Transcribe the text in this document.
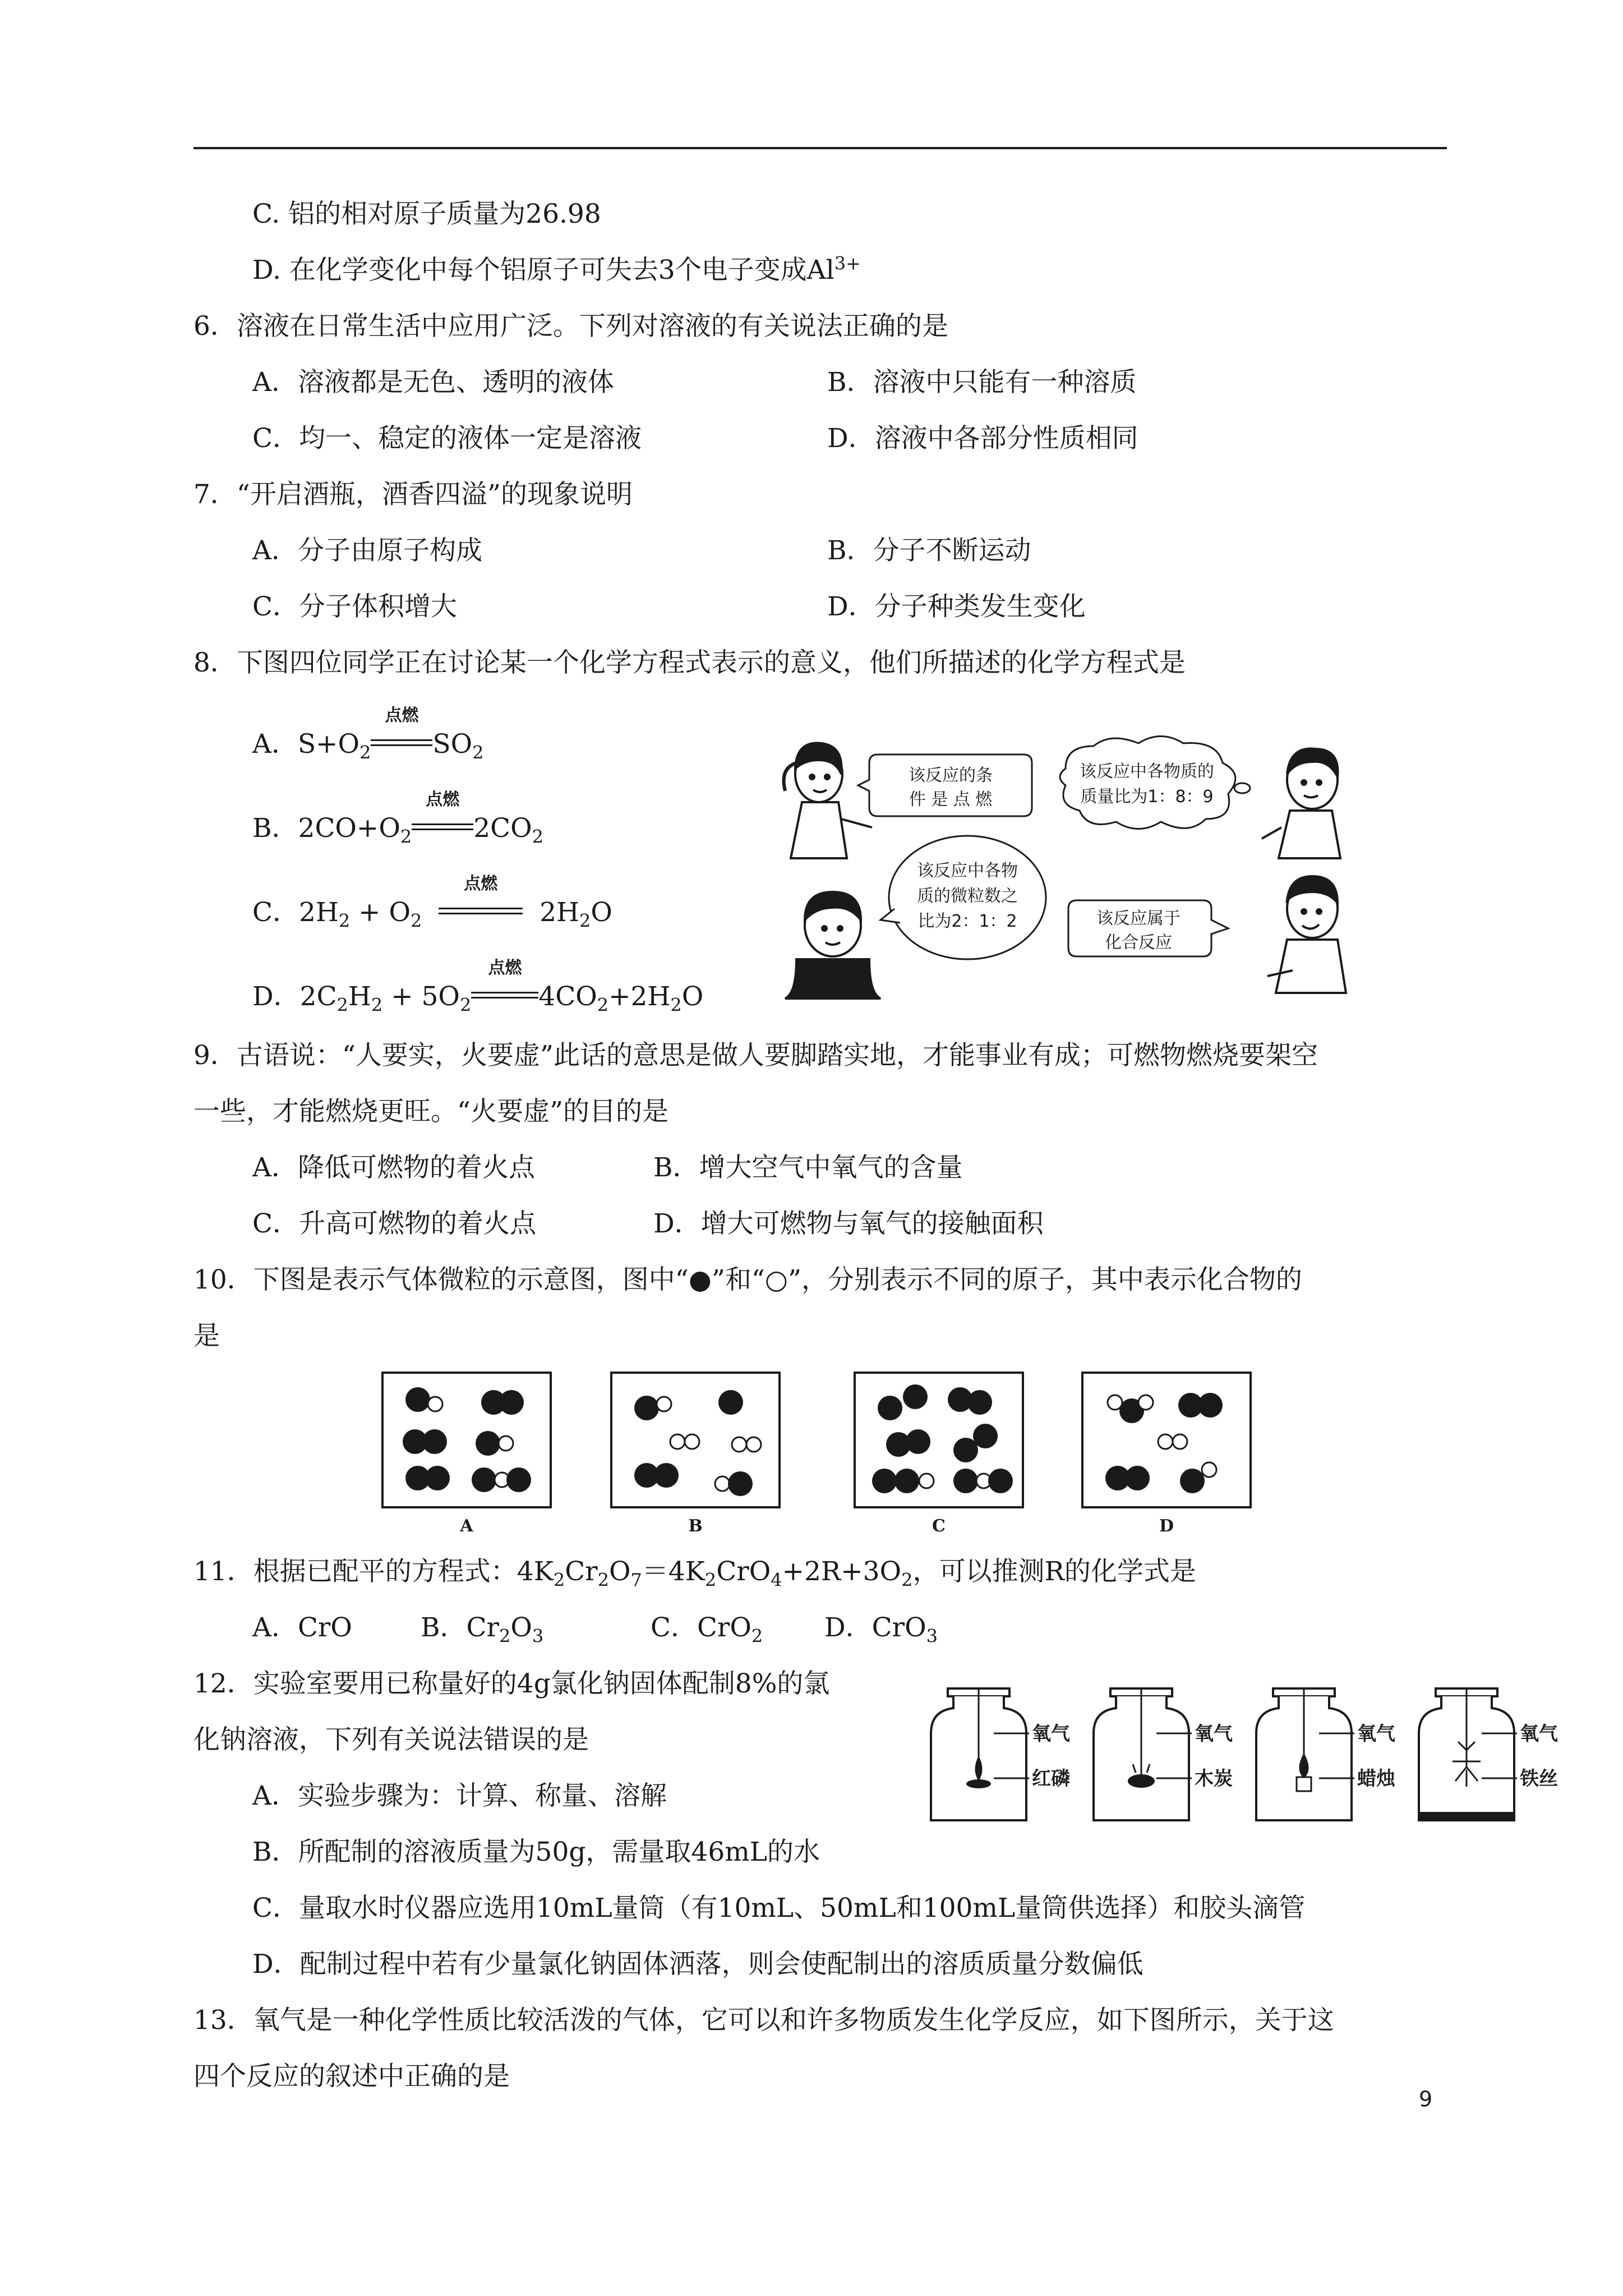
C. 铝的相对原子质量为26.98
D. 在化学变化中每个铝原子可失去3个电子变成$Al^{3+}$
6．溶液在日常生活中应用广泛。下列对溶液的有关说法正确的是
A．溶液都是无色、透明的液体	B．溶液中只能有一种溶质
C．均一、稳定的液体一定是溶液	D．溶液中各部分性质相同
7．“开启酒瓶，酒香四溢”的现象说明
A．分子由原子构成	B．分子不断运动
C．分子体积增大	D．分子种类发生变化
8．下图四位同学正在讨论某一个化学方程式表示的意义，他们所描述的化学方程式是
A．$S+O_2$
点燃
$SO_2$
B．$2CO+O_2$
点燃
$2CO_2$
C．$2H_2 + O_2$
点燃
$2H_2O$
D．$2C_2H_2 + 5O_2$
点燃
$4CO_2+2H_2O$
该反应的条
件 是 点 燃
该反应中各物质的
质量比为1：8：9
该反应中各物
质的微粒数之
比为2：1：2	该反应属于
化合反应
9．古语说：“人要实，火要虚”此话的意思是做人要脚踏实地，才能事业有成；可燃物燃烧要架空
一些，才能燃烧更旺。“火要虚”的目的是
A．降低可燃物的着火点	B．增大空气中氧气的含量
C．升高可燃物的着火点	D．增大可燃物与氧气的接触面积
10．下图是表示气体微粒的示意图，图中“●”和“○”，分别表示不同的原子，其中表示化合物的
是
A	B	C	D
11．根据已配平的方程式：$4K_2Cr_2O_7=4K_2CrO_4+2R+3O_2$，可以推测R的化学式是
A．CrO	B．$Cr_2O_3$	C．CrO$_2$ D．CrO$_3$
12．实验室要用已称量好的4g氯化钠固体配制8%的氯
化钠溶液，下列有关说法错误的是
A．实验步骤为：计算、称量、溶解
B．所配制的溶液质量为50g，需量取46mL的水
C．量取水时仪器应选用10mL量筒（有10mL、50mL和100mL量筒供选择）和胶头滴管
D．配制过程中若有少量氯化钠固体洒落，则会使配制出的溶质质量分数偏低
氧气
红磷
氧气
木炭
氧气
蜡烛
氧气
铁丝
13．氧气是一种化学性质比较活泼的气体，它可以和许多物质发生化学反应，如下图所示，关于这
四个反应的叙述中正确的是
9
